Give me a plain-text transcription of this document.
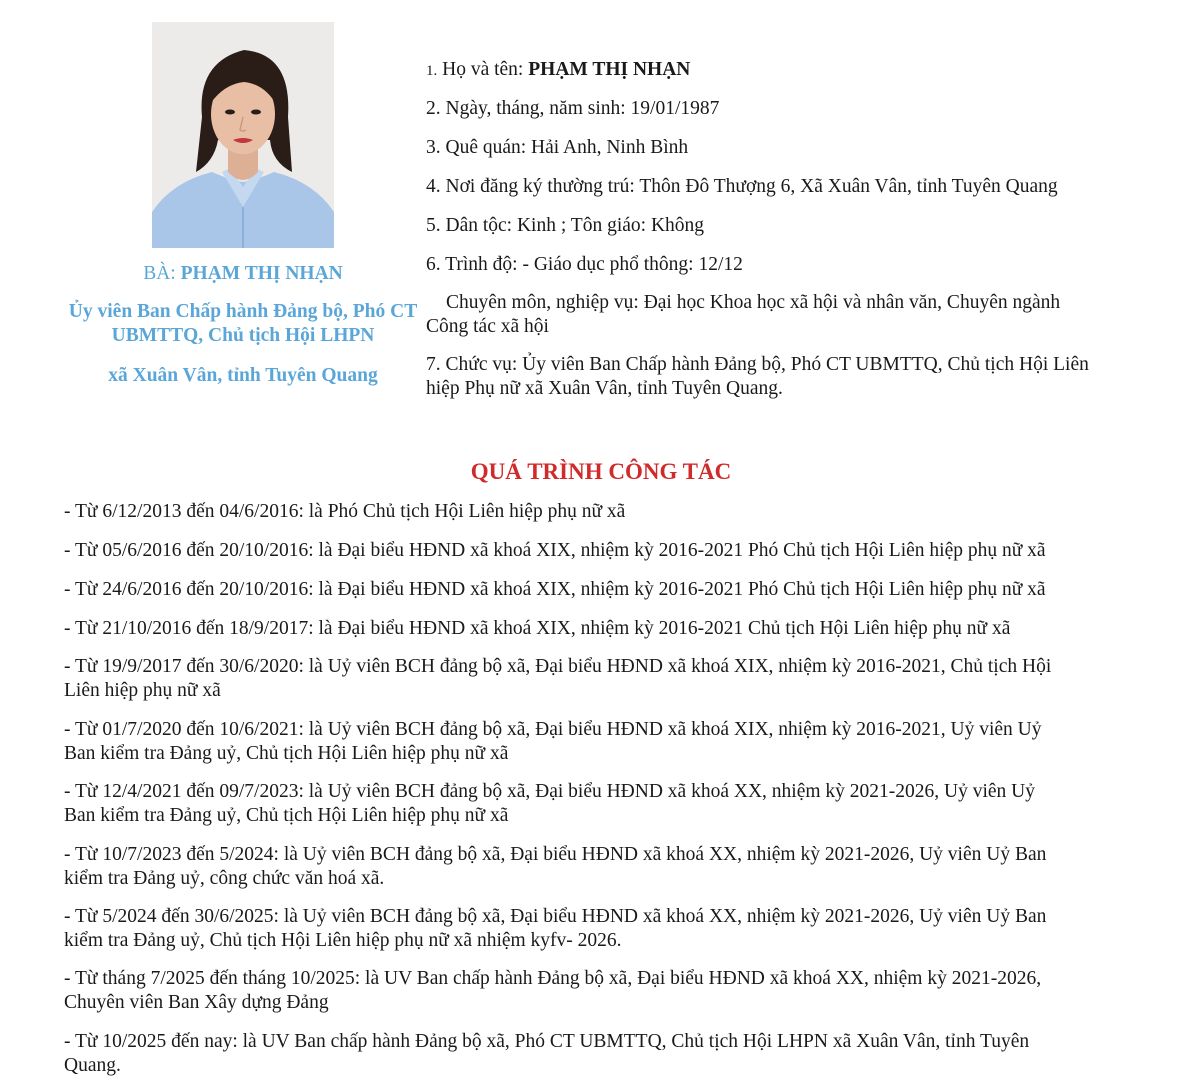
BÀ: PHẠM THỊ NHẠN
Ủy viên Ban Chấp hành Đảng bộ, Phó CT UBMTTQ, Chủ tịch Hội LHPN
xã Xuân Vân, tỉnh Tuyên Quang

1. Họ và tên: PHẠM THỊ NHẠN

2. Ngày, tháng, năm sinh: 19/01/1987

3. Quê quán: Hải Anh, Ninh Bình

4. Nơi đăng ký thường trú: Thôn Đô Thượng 6, Xã Xuân Vân, tỉnh Tuyên Quang

5. Dân tộc: Kinh ; Tôn giáo: Không

6. Trình độ: - Giáo dục phổ thông: 12/12

Chuyên môn, nghiệp vụ: Đại học Khoa học xã hội và nhân văn, Chuyên ngành

Công tác xã hội

7. Chức vụ: Ủy viên Ban Chấp hành Đảng bộ, Phó CT UBMTTQ, Chủ tịch Hội Liên

hiệp Phụ nữ xã Xuân Vân, tỉnh Tuyên Quang.

QUÁ TRÌNH CÔNG TÁC

- Từ 6/12/2013 đến 04/6/2016: là Phó Chủ tịch Hội Liên hiệp phụ nữ xã

- Từ 05/6/2016 đến 20/10/2016: là Đại biểu HĐND xã khoá XIX, nhiệm kỳ 2016-2021 Phó Chủ tịch Hội Liên hiệp phụ nữ xã

- Từ 24/6/2016 đến 20/10/2016: là Đại biểu HĐND xã khoá XIX, nhiệm kỳ 2016-2021 Phó Chủ tịch Hội Liên hiệp phụ nữ xã

- Từ 21/10/2016 đến 18/9/2017: là Đại biểu HĐND xã khoá XIX, nhiệm kỳ 2016-2021 Chủ tịch Hội Liên hiệp phụ nữ xã

- Từ 19/9/2017 đến 30/6/2020: là Uỷ viên BCH đảng bộ xã, Đại biểu HĐND xã khoá XIX, nhiệm kỳ 2016-2021, Chủ tịch Hội

Liên hiệp phụ nữ xã

- Từ 01/7/2020 đến 10/6/2021: là Uỷ viên BCH đảng bộ xã, Đại biểu HĐND xã khoá XIX, nhiệm kỳ 2016-2021, Uỷ viên Uỷ

Ban kiểm tra Đảng uỷ, Chủ tịch Hội Liên hiệp phụ nữ xã

- Từ 12/4/2021 đến 09/7/2023: là Uỷ viên BCH đảng bộ xã, Đại biểu HĐND xã khoá XX, nhiệm kỳ 2021-2026, Uỷ viên Uỷ

Ban kiểm tra Đảng uỷ, Chủ tịch Hội Liên hiệp phụ nữ xã

- Từ 10/7/2023 đến 5/2024: là Uỷ viên BCH đảng bộ xã, Đại biểu HĐND xã khoá XX, nhiệm kỳ 2021-2026, Uỷ viên Uỷ Ban

kiểm tra Đảng uỷ, công chức văn hoá xã.

- Từ 5/2024 đến 30/6/2025: là Uỷ viên BCH đảng bộ xã, Đại biểu HĐND xã khoá XX, nhiệm kỳ 2021-2026, Uỷ viên Uỷ Ban

kiểm tra Đảng uỷ, Chủ tịch Hội Liên hiệp phụ nữ xã nhiệm kyfv- 2026.

- Từ tháng 7/2025 đến tháng 10/2025: là UV Ban chấp hành Đảng bộ xã, Đại biểu HĐND xã khoá XX, nhiệm kỳ 2021-2026,

Chuyên viên Ban Xây dựng Đảng

- Từ 10/2025 đến nay: là UV Ban chấp hành Đảng bộ xã, Phó CT UBMTTQ, Chủ tịch Hội LHPN xã Xuân Vân, tỉnh Tuyên

Quang.
